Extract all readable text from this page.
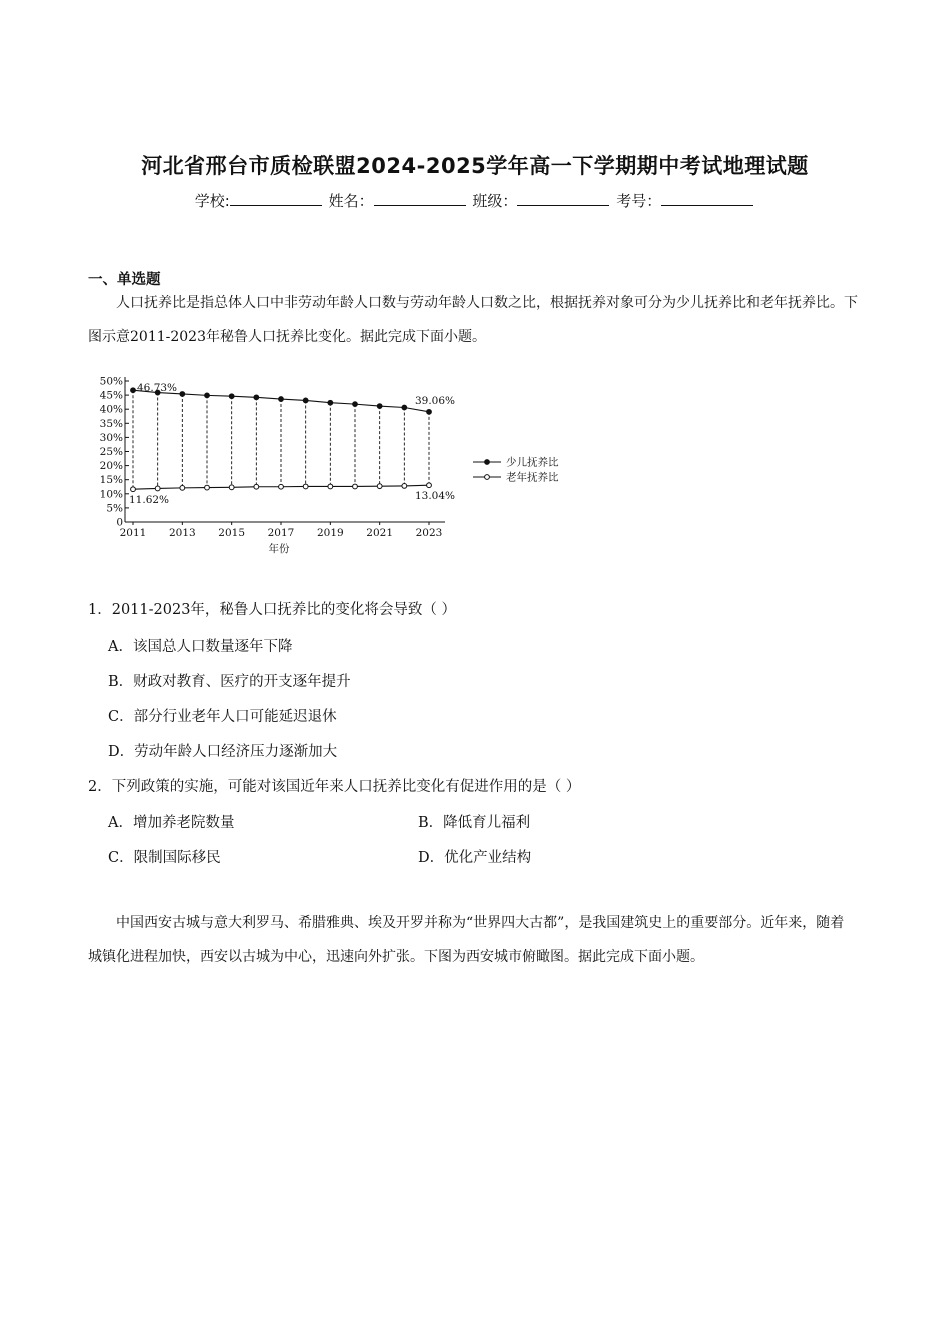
河北省邢台市质检联盟2024-2025学年高一下学期期中考试地理试题
学校:	姓名：	班级：	考号：
一、单选题
人口抚养比是指总体人口中非劳动年龄人口数与劳动年龄人口数之比，根据抚养对象可分为少儿抚养比和老年抚养比。下图示意2011-2023年秘鲁人口抚养比变化。据此完成下面小题。
0
5%
10%
15%
20%
25%
30%
35%
40%
45%
50%
2011 2013 2015 2017 2019 2021 2023
年份
46.73%
39.06%
11.62%	13.04%
少儿抚养比
老年抚养比
1．2011-2023年，秘鲁人口抚养比的变化将会导致（ ）
A．该国总人口数量逐年下降
B．财政对教育、医疗的开支逐年提升
C．部分行业老年人口可能延迟退休
D．劳动年龄人口经济压力逐渐加大
2．下列政策的实施，可能对该国近年来人口抚养比变化有促进作用的是（ ）
A．增加养老院数量	B．降低育儿福利
C．限制国际移民	D．优化产业结构
中国西安古城与意大利罗马、希腊雅典、埃及开罗并称为“世界四大古都”，是我国建筑史上的重要部分。近年来，随着城镇化进程加快，西安以古城为中心，迅速向外扩张。下图为西安城市俯瞰图。据此完成下面小题。
